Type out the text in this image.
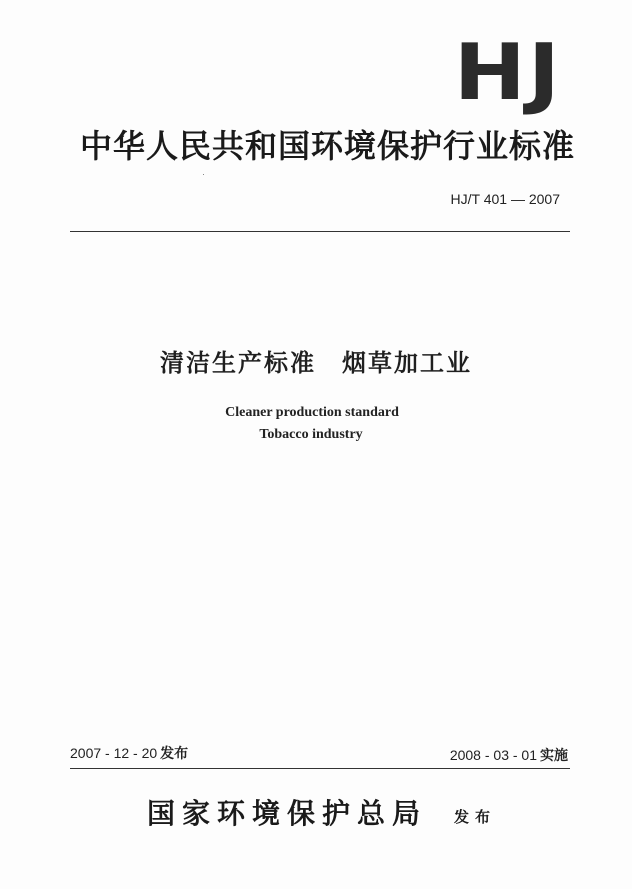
HJ
中华人民共和国环境保护行业标准
HJ/T 401 — 2007
清洁生产标准 烟草加工业
Cleaner production standard
Tobacco industry
2007 - 12 - 20 发布	2008 - 03 - 01 实施
国家环境保护总局 发布
